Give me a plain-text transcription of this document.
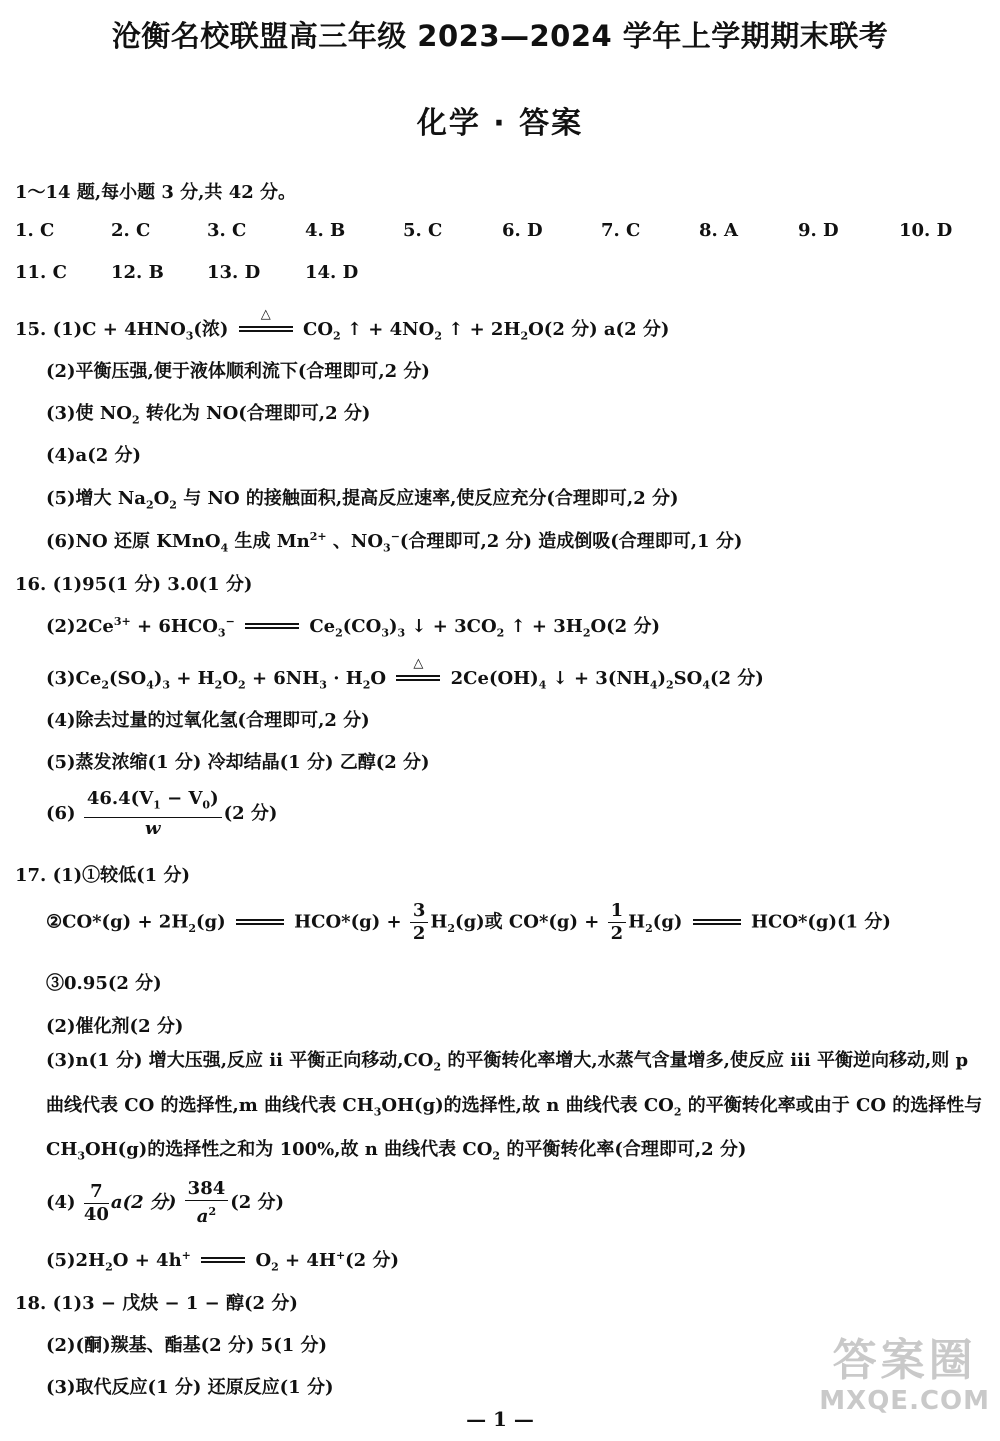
沧衡名校联盟高三年级 2023—2024 学年上学期期末联考
化学 · 答案
1～14 题,每小题 3 分,共 42 分。
1. C	2. C	3. C	4. B	5. C	6. D	7. C	8. A	9. D	10. D
11. C 12. B 13. D 14. D
15. $(1)C + 4HNO_3$(浓)
△
$CO_2$ ↑ + $4NO_2$ ↑ + $2H_2O(2$ 分) a(2 分)
(2)平衡压强,便于液体顺利流下(合理即可,2 分)
(3)使 $NO_2$ 转化为 NO(合理即可,2 分)
(4)a(2 分)
(5)增大 $Na_2O_2$ 与 NO 的接触面积,提高反应速率,使反应充分(合理即可,2 分)
(6)NO 还原 KMnO$_4$ 生成 $Mn^{2+}$ 、$NO_3^-$(合理即可,2 分) 造成倒吸(合理即可,1 分)
16. (1)95(1 分) 3.0(1 分)
$(2)2Ce^{3+} + 6HCO_3^-$	$Ce_2(CO_3)_3$ ↓ + $3CO_2$ ↑ + $3H_2O(2$ 分)
$(3)Ce_2(SO_4)_3 + H_2O_2 + 6NH_3 \cdot H_2O$
△
$2Ce(OH)_4$ ↓ + $3(NH_4)_2SO_4(2$ 分)
(4)除去过量的过氧化氢(合理即可,2 分)
(5)蒸发浓缩(1 分) 冷却结晶(1 分) 乙醇(2 分)
$(6) \frac{46.4(V_1 - V_0)}{w} (2$ 分)
17. (1)①较低(1 分)
②CO*(g) + $2H_2(g)$	$HCO*(g) + \frac{3}{2} H_2(g)$或 $CO*(g) + \frac{1}{2} H_2(g)$	HCO*(g)(1 分)
③0.95(2 分)
(2)催化剂(2 分)
(3)n(1 分) 增大压强,反应 ⅱ 平衡正向移动$,CO_2$ 的平衡转化率增大,水蒸气含量增多,使反应 ⅲ 平衡逆向移动,则 p 曲线代表 CO 的选择性,m 曲线代表 $CH_3OH(g)$的选择性,故 n 曲线代表 $CO_2$ 的平衡转化率或由于 CO 的选择性与 $CH_3OH(g)$的选择性之和为 100%,故 n 曲线代表 $CO_2$ 的平衡转化率(合理即可,2 分)
$(4) \frac{7}{40} a(2$ 分) $\frac{384}{a^2} (2$ 分)
$(5)2H_2O + 4h^+$	$O_2 + 4H^+(2$ 分)
18. (1)3 − 戊炔 − 1 − 醇(2 分)
(2)(酮)羰基、酯基(2 分) 5(1 分)
(3)取代反应(1 分) 还原反应(1 分)
— 1 —
答案圈
MXQE.COM
